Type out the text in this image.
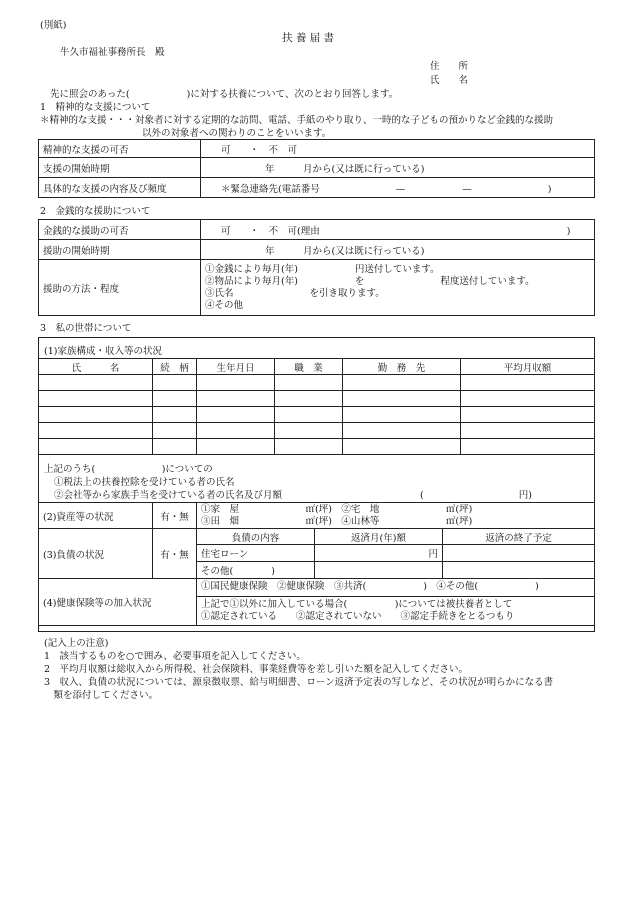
(別紙)
扶 養 届 書
牛久市福祉事務所長　殿
住　　所
氏　　名
先に照会のあった(　　　　　　)に対する扶養について、次のとおり回答します。
1　精神的な支援について
＊精神的な支援・・・対象者に対する定期的な訪問、電話、手紙のやり取り、一時的な子どもの預かりなど金銭的な援助
以外の対象者への関わりのことをいいます。
精神的な支援の可否	可　　・　不　可
支援の開始時期	年　　　月から(又は既に行っている)
具体的な支援の内容及び頻度	＊緊急連絡先(電話番号　　　　　　　　—　　　　　　—　　　　　　　　)
2　金銭的な援助について
金銭的な援助の可否	可　　・　不　可(理由　　　　　　　　　　　　　　　　　　　　　　　　　　)
援助の開始時期	年　　　月から(又は既に行っている)
援助の方法・程度	①金銭により毎月(年)　　　　　　円送付しています。
②物品により毎月(年)　　　　　　を　　　　　　　　程度送付しています。
③氏名　　　　　　　　を引き取ります。
④その他
3　私の世帯について
(1)家族構成・収入等の状況
氏　　　名	続　柄	生年月日	職　業	勤　務　先	平均月収額

上記のうち(　　　　　　　)についての
①税法上の扶養控除を受けている者の氏名
②会社等から家族手当を受けている者の氏名及び月額	(　　　　　　　　　　円)
(2)資産等の状況	有・無	①家　屋　　　　　　　㎡(坪)　②宅　地　　　　　　　㎡(坪)
③田　畑　　　　　　　㎡(坪)　④山林等　　　　　　　㎡(坪)		

(3)負債の状況	有・無	負債の内容	返済月(年)額	返済の終了予定
		住宅ローン	円	
		その他(　　　　)		
(4)健康保険等の加入状況		①国民健康保険　②健康保険　③共済(　　　　　　)　④その他(　　　　　　)
上記で①以外に加入している場合(　　　　　)については被扶養者として
①認定されている　　②認定されていない　　③認定手続きをとるつもり		
(記入上の注意)
1　該当するものを○で囲み、必要事項を記入してください。
2　平均月収額は総収入から所得税、社会保険料、事業経費等を差し引いた額を記入してください。
3　収入、負債の状況については、源泉徴収票、給与明細書、ローン返済予定表の写しなど、その状況が明らかになる書
　類を添付してください。
